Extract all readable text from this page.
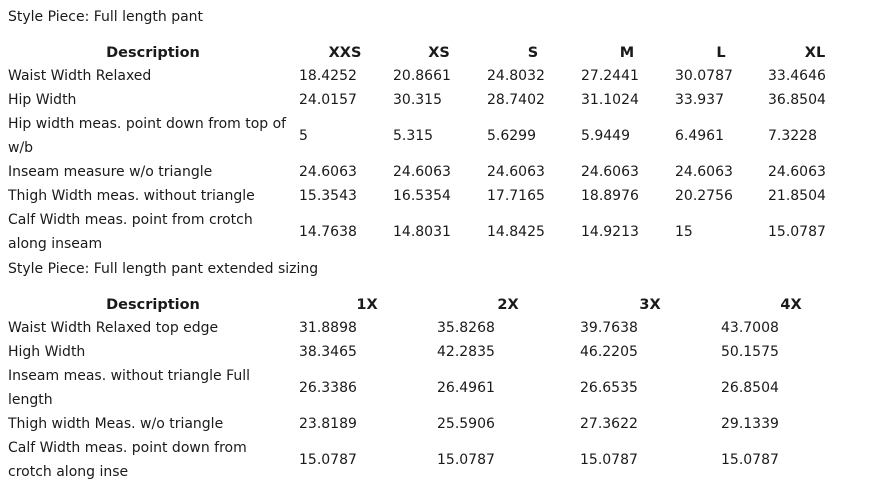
Style Piece: Full length pant
Description	XXS	XS	S	M	L	XL
Waist Width Relaxed	18.4252	20.8661	24.8032	27.2441	30.0787	33.4646
Hip Width	24.0157	30.315	28.7402	31.1024	33.937	36.8504
Hip width meas. point down from top of
w/b
5	5.315	5.6299	5.9449	6.4961	7.3228
Inseam measure w/o triangle	24.6063	24.6063	24.6063	24.6063	24.6063	24.6063
Thigh Width meas. without triangle	15.3543	16.5354	17.7165	18.8976	20.2756	21.8504
Calf Width meas. point from crotch
along inseam
14.7638	14.8031	14.8425	14.9213	15	15.0787
Style Piece: Full length pant extended sizing
Description	1X	2X	3X	4X
Waist Width Relaxed top edge	31.8898	35.8268	39.7638	43.7008
High Width	38.3465	42.2835	46.2205	50.1575
Inseam meas. without triangle Full
length
26.3386	26.4961	26.6535	26.8504
Thigh width Meas. w/o triangle	23.8189	25.5906	27.3622	29.1339
Calf Width meas. point down from
crotch along inse
15.0787	15.0787	15.0787	15.0787
